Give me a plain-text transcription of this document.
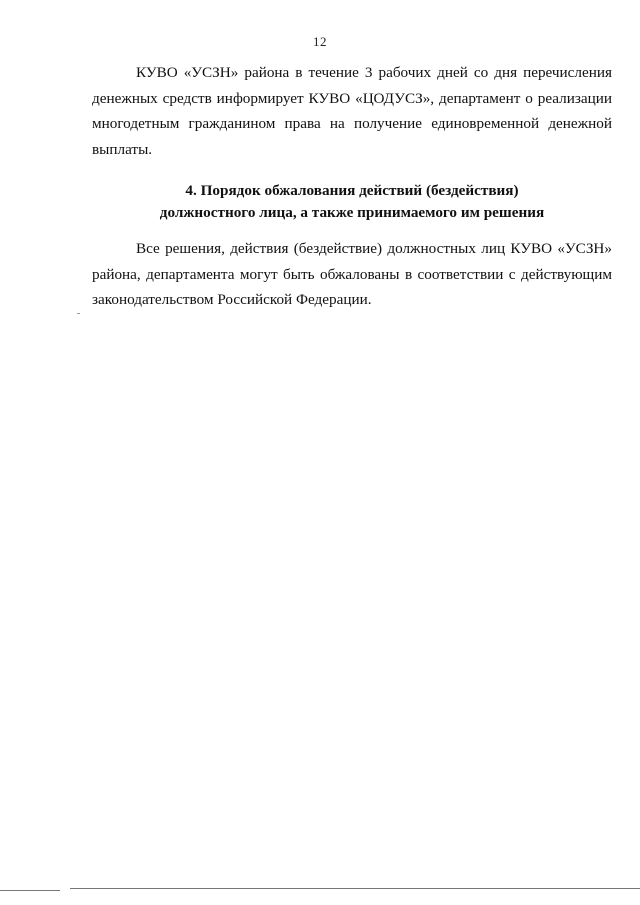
12
КУВО «УСЗН» района в течение 3 рабочих дней со дня перечисления
денежных средств информирует КУВО «ЦОДУСЗ», департамент о реализации
многодетным гражданином права на получение единовременной денежной
выплаты.
4. Порядок обжалования действий (бездействия)
должностного лица, а также принимаемого им решения
Все решения, действия (бездействие) должностных лиц КУВО «УСЗН»
района, департамента могут быть обжалованы в соответствии с действующим
законодательством Российской Федерации.
